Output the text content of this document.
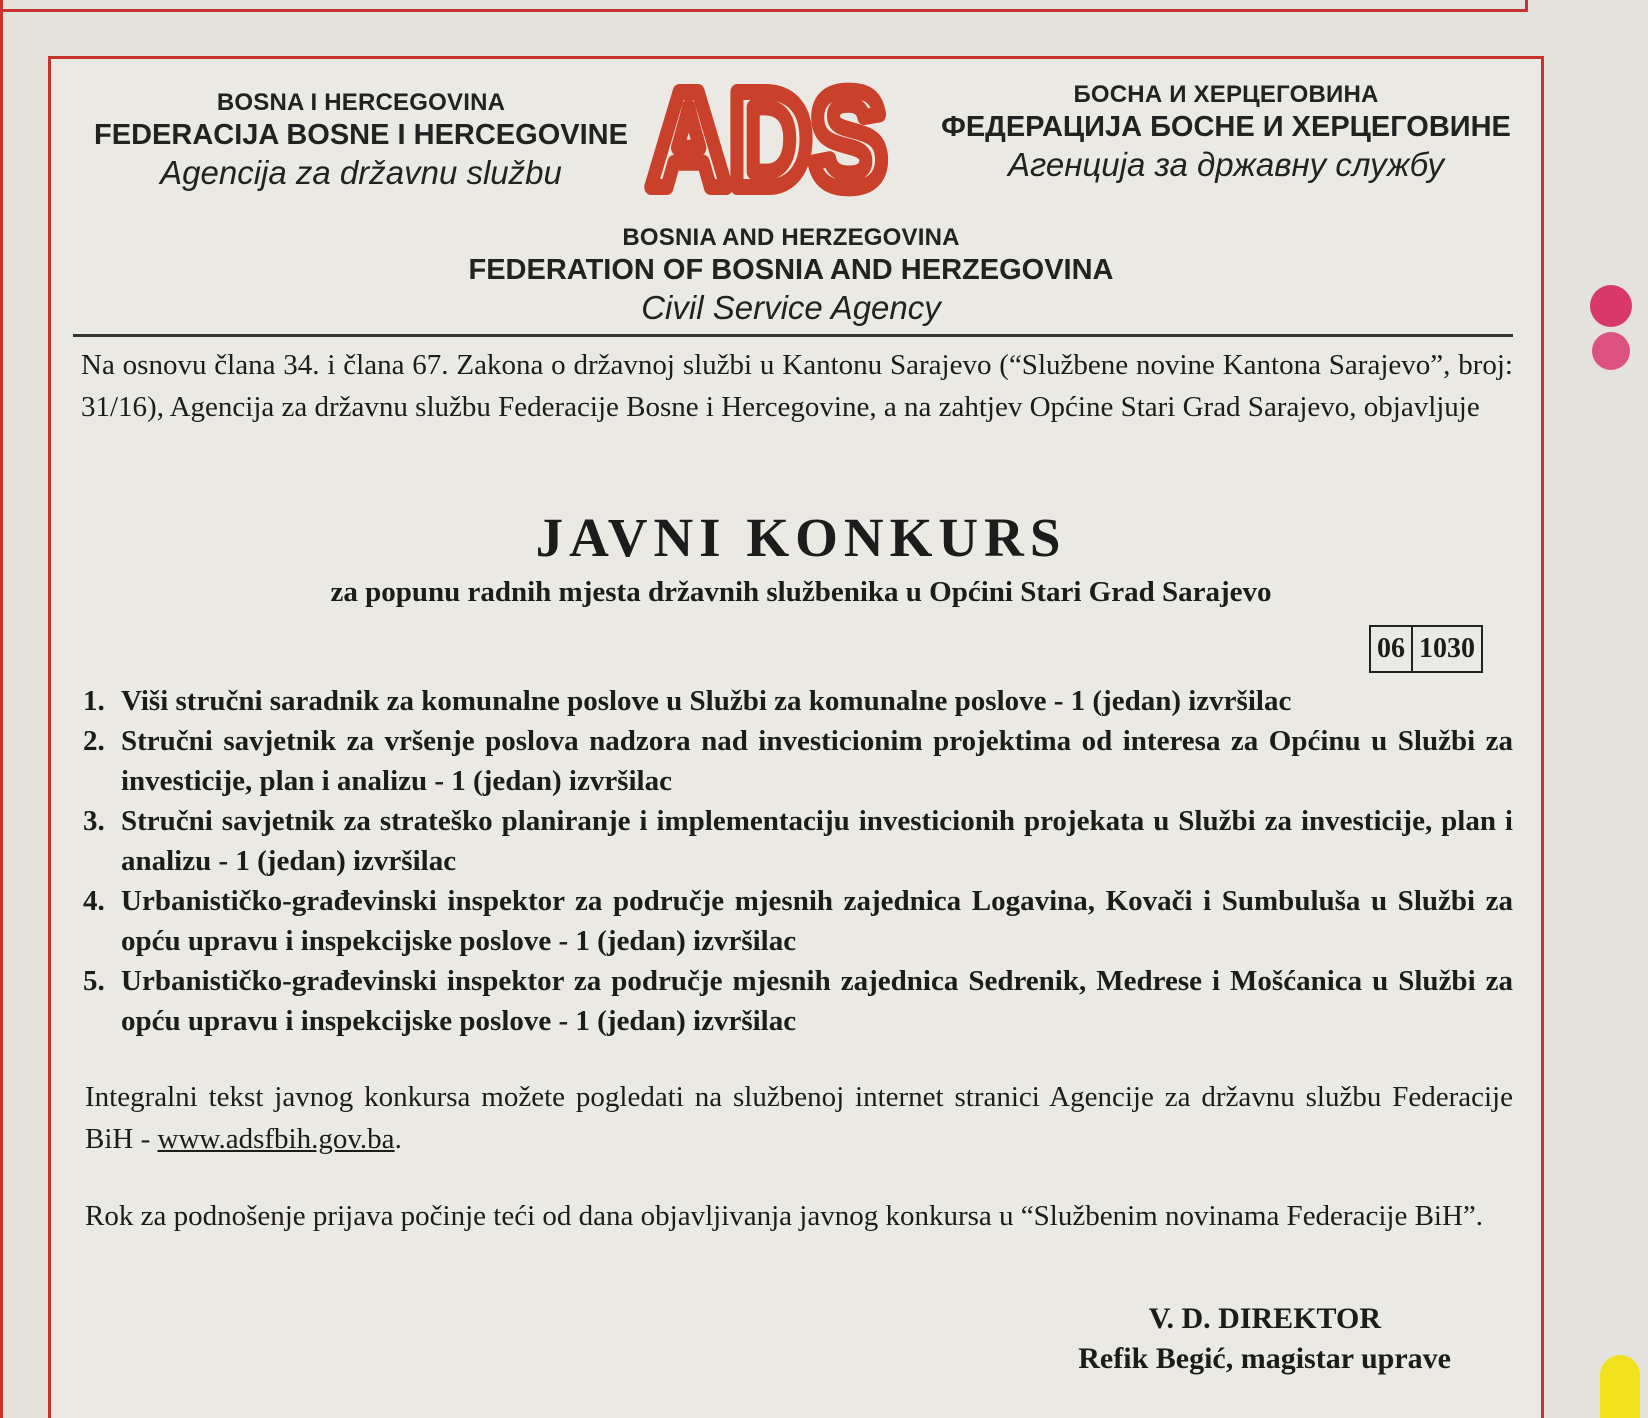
BOSNA I HERCEGOVINA
FEDERACIJA BOSNE I HERCEGOVINE
Agencija za državnu službu ADS	БОСНА И ХЕРЦЕГОВИНА
ФЕДЕРАЦИЈА БОСНЕ И ХЕРЦЕГОВИНЕ
Агенција за државну службу
BOSNIA AND HERZEGOVINA
FEDERATION OF BOSNIA AND HERZEGOVINA
Civil Service Agency
Na osnovu člana 34. i člana 67. Zakona o državnoj službi u Kantonu Sarajevo (“Službene novine Kantona Sarajevo”, broj: 31/16), Agencija za državnu službu Federacije Bosne i Hercegovine, a na zahtjev Općine Stari Grad Sarajevo, objavljuje
JAVNI KONKURS
za popunu radnih mjesta državnih službenika u Općini Stari Grad Sarajevo
06 1030
1. Viši stručni saradnik za komunalne poslove u Službi za komunalne poslove - 1 (jedan) izvršilac
2. Stručni savjetnik za vršenje poslova nadzora nad investicionim projektima od interesa za Općinu u Službi za investicije, plan i analizu - 1 (jedan) izvršilac
3. Stručni savjetnik za strateško planiranje i implementaciju investicionih projekata u Službi za investicije, plan i analizu - 1 (jedan) izvršilac
4. Urbanističko-građevinski inspektor za područje mjesnih zajednica Logavina, Kovači i Sumbuluša u Službi za opću upravu i inspekcijske poslove - 1 (jedan) izvršilac
5. Urbanističko-građevinski inspektor za područje mjesnih zajednica Sedrenik, Medrese i Mošćanica u Službi za opću upravu i inspekcijske poslove - 1 (jedan) izvršilac
Integralni tekst javnog konkursa možete pogledati na službenoj internet stranici Agencije za državnu službu Federacije BiH - www.adsfbih.gov.ba.
Rok za podnošenje prijava počinje teći od dana objavljivanja javnog konkursa u “Službenim novinama Federacije BiH”.
V. D. DIREKTOR
Refik Begić, magistar uprave
